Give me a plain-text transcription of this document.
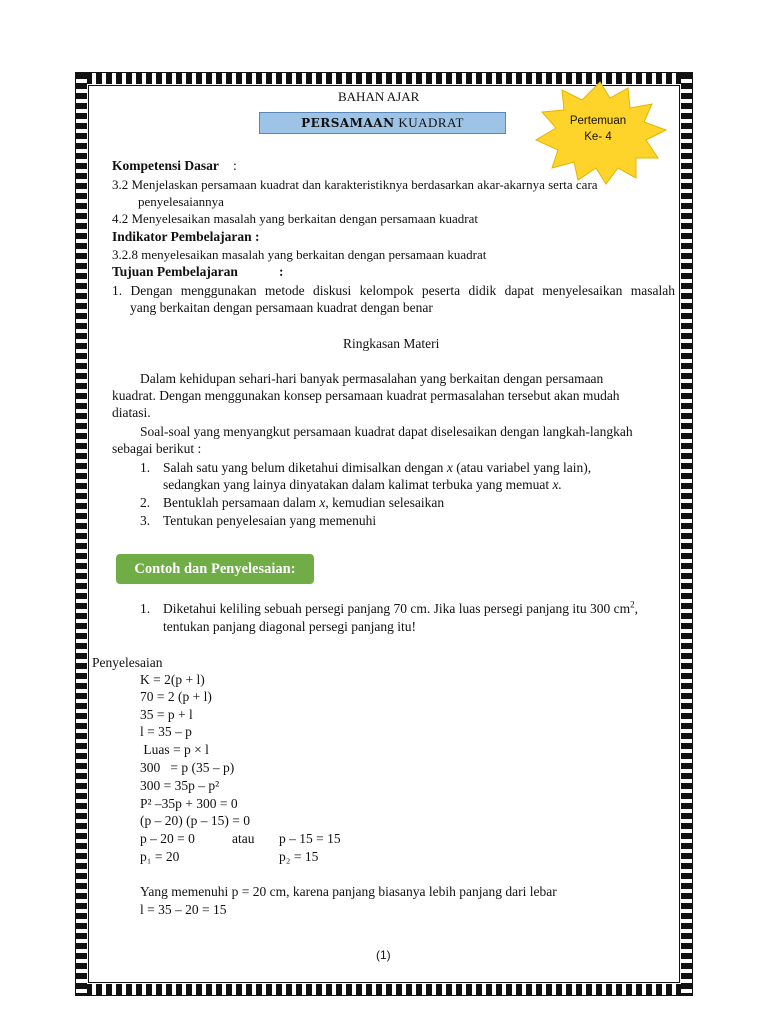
BAHAN AJAR
PERSAMAAN KUADRAT	Pertemuan
Ke- 4
Kompetensi Dasar :
3.2 Menjelaskan persamaan kuadrat dan karakteristiknya berdasarkan akar-akarnya serta cara
penyelesaiannya
4.2 Menyelesaikan masalah yang berkaitan dengan persamaan kuadrat
Indikator Pembelajaran :
3.2.8 menyelesaikan masalah yang berkaitan dengan persamaan kuadrat
Tujuan Pembelajaran	:
1. Dengan menggunakan metode diskusi kelompok peserta didik dapat menyelesaikan masalah
yang berkaitan dengan persamaan kuadrat dengan benar
Ringkasan Materi
Dalam kehidupan sehari-hari banyak permasalahan yang berkaitan dengan persamaan
kuadrat. Dengan menggunakan konsep persamaan kuadrat permasalahan tersebut akan mudah
diatasi.
Soal-soal yang menyangkut persamaan kuadrat dapat diselesaikan dengan langkah-langkah
sebagai berikut :
1. Salah satu yang belum diketahui dimisalkan dengan x (atau variabel yang lain),
sedangkan yang lainya dinyatakan dalam kalimat terbuka yang memuat x.
2. Bentuklah persamaan dalam x, kemudian selesaikan
3. Tentukan penyelesaian yang memenuhi
Contoh dan Penyelesaian:
1. Diketahui keliling sebuah persegi panjang 70 cm. Jika luas persegi panjang itu 300 $cm^2$,
tentukan panjang diagonal persegi panjang itu!
Penyelesaian
K = 2(p + l)
70 = 2 (p + l)
35 = p + l
l = 35 – p
Luas = p × l
300   = p (35 – p)
300 = 35p – p²
P² –35p + 300 = 0
(p – 20) (p – 15) = 0
p – 20 = 0	atau p – 15 = 15
p₁ = 20	p₂ = 15
Yang memenuhi p = 20 cm, karena panjang biasanya lebih panjang dari lebar
l = 35 – 20 = 15
(1)
